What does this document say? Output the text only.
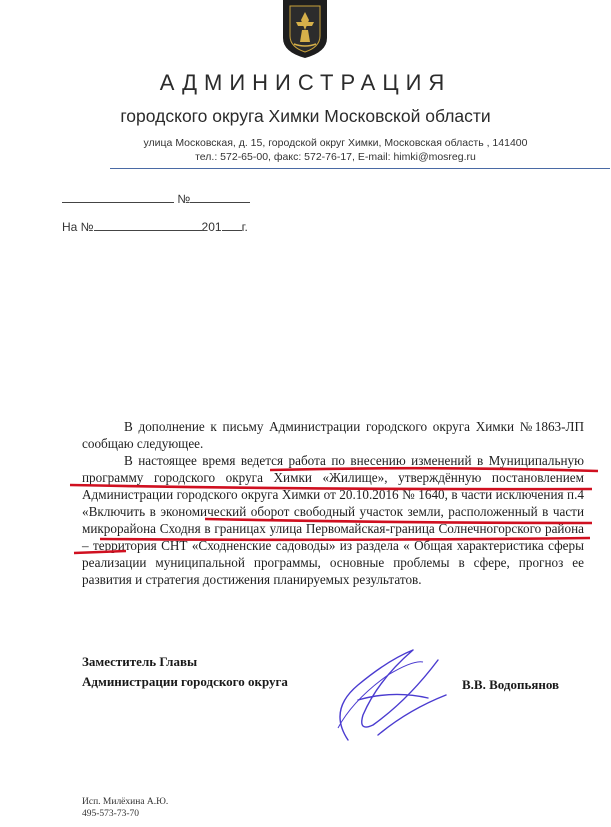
АДМИНИСТРАЦИЯ
городского округа Химки Московской области
улица Московская, д. 15, городской округ Химки, Московская область , 141400
тел.: 572-65-00, факс: 572-76-17, E-mail: himki@mosreg.ru
№
На №	201 г.

В дополнение к письму Администрации городского округа Химки №1863-ЛП сообщаю следующее.

В настоящее время ведется работа по внесению изменений в Муниципальную программу городского округа Химки «Жилище», утверждённую постановлением Администрации городского округа Химки от 20.10.2016 № 1640, в части исключения п.4 «Включить в экономический оборот свободный участок земли, расположенный в части микрорайона Сходня в границах улица Первомайская-граница Солнечногорского района – территория СНТ «Сходненские садоводы» из раздела « Общая характеристика сферы реализации муниципальной программы, основные проблемы в сфере, прогноз ее развития и стратегия достижения планируемых результатов.

Заместитель Главы
Администрации городского округа	В.В. Водопьянов
Исп. Милёхина А.Ю.
495-573-73-70
